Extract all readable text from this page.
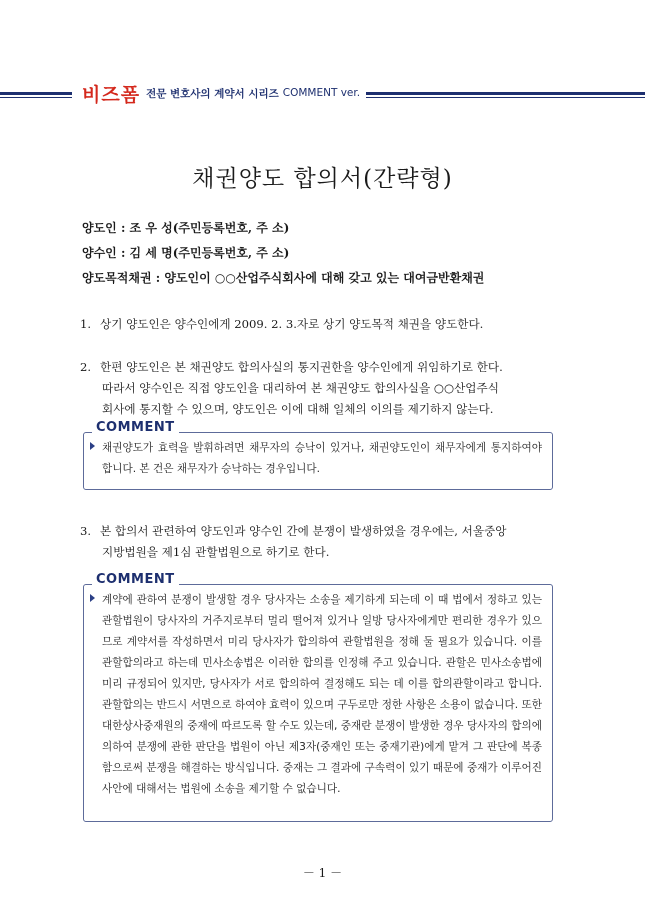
비즈폼 전문 변호사의 계약서 시리즈 COMMENT ver.
채권양도 합의서(간략형)
양도인 : 조 우 성(주민등록번호, 주 소)
양수인 : 김 세 명(주민등록번호, 주 소)
양도목적채권 : 양도인이 ○○산업주식회사에 대해 갖고 있는 대여금반환채권
1. 상기 양도인은 양수인에게 2009. 2. 3.자로 상기 양도목적 채권을 양도한다.
2. 한편 양도인은 본 채권양도 합의사실의 통지권한을 양수인에게 위임하기로 한다.
따라서 양수인은 직접 양도인을 대리하여 본 채권양도 합의사실을 ○○산업주식
회사에 통지할 수 있으며, 양도인은 이에 대해 일체의 이의를 제기하지 않는다.
COMMENT
채권양도가 효력을 발휘하려면 채무자의 승낙이 있거나, 채권양도인이 채무자에게 통지하여야 합니다. 본 건은 채무자가 승낙하는 경우입니다.
3. 본 합의서 관련하여 양도인과 양수인 간에 분쟁이 발생하였을 경우에는, 서울중앙
지방법원을 제1심 관할법원으로 하기로 한다.
COMMENT
계약에 관하여 분쟁이 발생할 경우 당사자는 소송을 제기하게 되는데 이 때 법에서 정하고 있는 관할법원이 당사자의 거주지로부터 멀리 떨어져 있거나 일방 당사자에게만 편리한 경우가 있으므로 계약서를 작성하면서 미리 당사자가 합의하여 관할법원을 정해 둘 필요가 있습니다. 이를 관할합의라고 하는데 민사소송법은 이러한 합의를 인정해 주고 있습니다. 관할은 민사소송법에 미리 규정되어 있지만, 당사자가 서로 합의하여 결정해도 되는 데 이를 합의관할이라고 합니다. 관할합의는 반드시 서면으로 하여야 효력이 있으며 구두로만 정한 사항은 소용이 없습니다. 또한 대한상사중재원의 중재에 따르도록 할 수도 있는데, 중재란 분쟁이 발생한 경우 당사자의 합의에 의하여 분쟁에 관한 판단을 법원이 아닌 제3자(중재인 또는 중재기관)에게 맡겨 그 판단에 복종함으로써 분쟁을 해결하는 방식입니다. 중재는 그 결과에 구속력이 있기 때문에 중재가 이루어진 사안에 대해서는 법원에 소송을 제기할 수 없습니다.
－ 1 －
